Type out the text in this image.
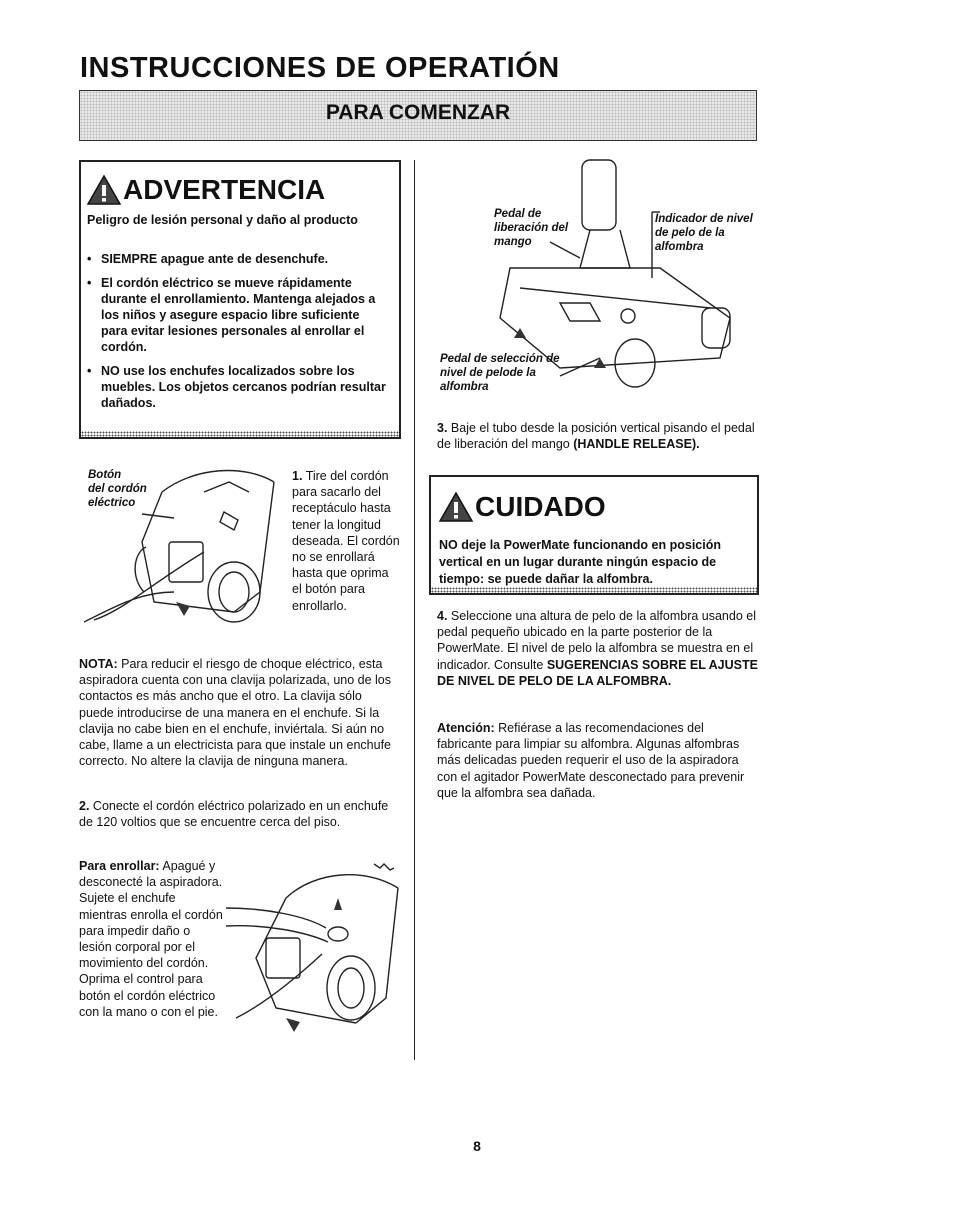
INSTRUCCIONES DE OPERATIÓN
PARA COMENZAR
ADVERTENCIA
Peligro de lesión personal y daño al producto
• SIEMPRE apague ante de desenchufe.
• El cordón eléctrico se mueve rápidamente durante el enrollamiento. Mantenga alejados a los niños y asegure espacio libre suficiente para evitar lesiones personales al enrollar el cordón.
• NO use los enchufes localizados sobre los muebles. Los objetos cercanos podrían resultar dañados.
Botón
del cordón
eléctrico
1. Tire del cordón para sacarlo del receptáculo hasta tener la longitud deseada. El cordón no se enrollará hasta que oprima el botón para enrollarlo.
NOTA: Para reducir el riesgo de choque eléctrico, esta aspiradora cuenta con una clavija polarizada, uno de los contactos es más ancho que el otro. La clavija sólo puede introducirse de una manera en el enchufe. Si la clavija no cabe bien en el enchufe, inviértala. Si aún no cabe, llame a un electricista para que instale un enchufe correcto. No altere la clavija de ninguna manera.
2. Conecte el cordón eléctrico polarizado en un enchufe de 120 voltios que se encuentre cerca del piso.
Para enrollar: Apagué y desconecté la aspiradora. Sujete el enchufe mientras enrolla el cordón para impedir daño o lesión corporal por el movimiento del cordón. Oprima el control para botón el cordón eléctrico con la mano o con el pie.
Pedal de liberación del mango
Indicador de nivel de pelo de la alfombra
Pedal de selección de nivel de pelode la alfombra
3. Baje el tubo desde la posición vertical pisando el pedal de liberación del mango (HANDLE RELEASE).
CUIDADO
NO deje la PowerMate funcionando en posición vertical en un lugar durante ningún espacio de tiempo: se puede dañar la alfombra.
4. Seleccione una altura de pelo de la alfombra usando el pedal pequeño ubicado en la parte posterior de la PowerMate. El nivel de pelo la alfombra se muestra en el indicador. Consulte SUGERENCIAS SOBRE EL AJUSTE DE NIVEL DE PELO DE LA ALFOMBRA.
Atención: Refiérase a las recomendaciones del fabricante para limpiar su alfombra. Algunas alfombras más delicadas pueden requerir el uso de la aspiradora con el agitador PowerMate desconectado para prevenir que la alfombra sea dañada.
8
